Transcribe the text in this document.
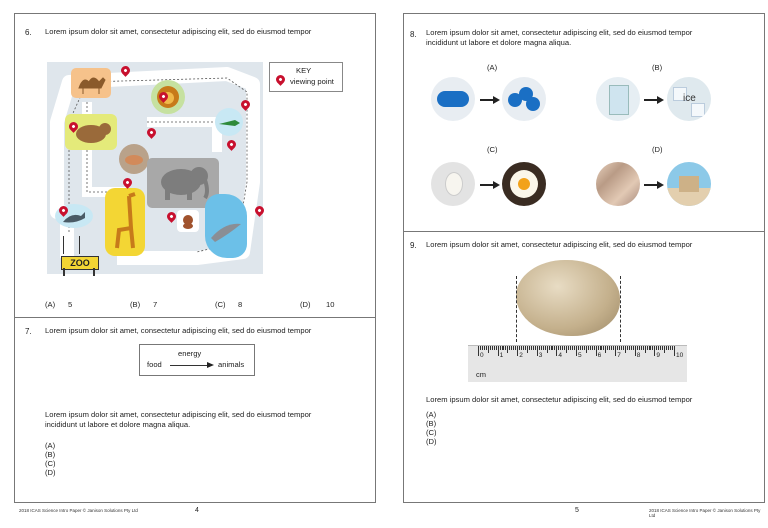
6. Lorem ipsum dolor sit amet, consectetur adipiscing elit, sed do eiusmod tempor
ZOO
KEY
viewing point
(A) 5	(B) 7	(C) 8	(D) 10
7. Lorem ipsum dolor sit amet, consectetur adipiscing elit, sed do eiusmod tempor
energy
food	animals
Lorem ipsum dolor sit amet, consectetur adipiscing elit, sed do eiusmod tempor
incididunt ut labore et dolore magna aliqua.
(A)
(B)
(C)
(D)
2018 ICAS Science Intro Paper © Janison Solutions Pty Ltd	4
8. Lorem ipsum dolor sit amet, consectetur adipiscing elit, sed do eiusmod tempor
incididunt ut labore et dolore magna aliqua.
(A)	(B)
ice
(C)	(D)
9. Lorem ipsum dolor sit amet, consectetur adipiscing elit, sed do eiusmod tempor
0 1 2 3 4 5 6 7 8 9 10
cm
Lorem ipsum dolor sit amet, consectetur adipiscing elit, sed do eiusmod tempor
(A)
(B)
(C)
(D)
5	2018 ICAS Science Intro Paper © Janison Solutions Pty Ltd
